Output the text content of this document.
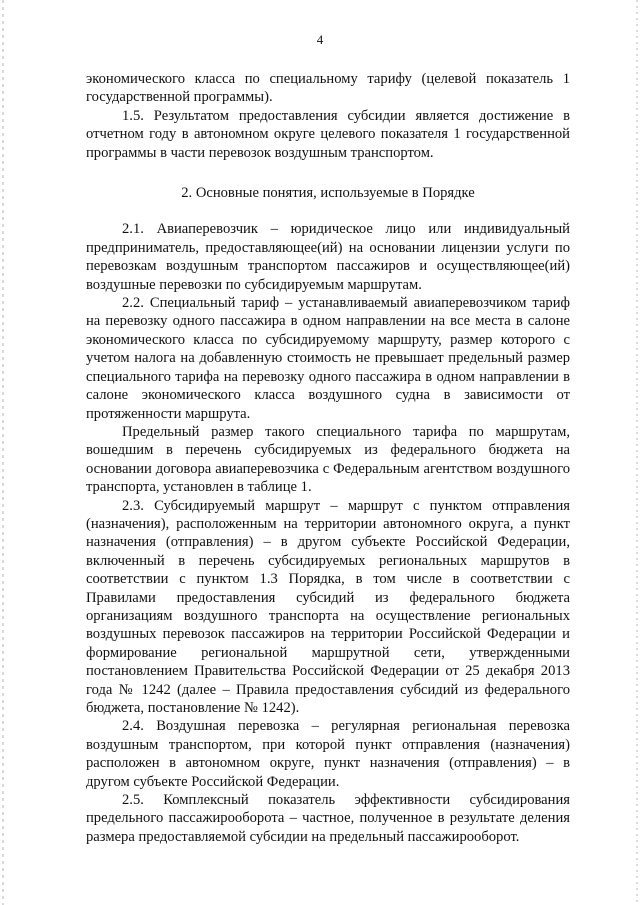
4

экономического класса по специальному тарифу (целевой показатель 1 государственной программы).

1.5. Результатом предоставления субсидии является достижение в отчетном году в автономном округе целевого показателя 1 государственной программы в части перевозок воздушным транспортом.

2. Основные понятия, используемые в Порядке

2.1. Авиаперевозчик – юридическое лицо или индивидуальный предприниматель, предоставляющее(ий) на основании лицензии услуги по перевозкам воздушным транспортом пассажиров и осуществляющее(ий) воздушные перевозки по субсидируемым маршрутам.

2.2. Специальный тариф – устанавливаемый авиаперевозчиком тариф на перевозку одного пассажира в одном направлении на все места в салоне экономического класса по субсидируемому маршруту, размер которого с учетом налога на добавленную стоимость не превышает предельный размер специального тарифа на перевозку одного пассажира в одном направлении в салоне экономического класса воздушного судна в зависимости от протяженности маршрута.

Предельный размер такого специального тарифа по маршрутам, вошедшим в перечень субсидируемых из федерального бюджета на основании договора авиаперевозчика с Федеральным агентством воздушного транспорта, установлен в таблице 1.

2.3. Субсидируемый маршрут – маршрут с пунктом отправления (назначения), расположенным на территории автономного округа, а пункт назначения (отправления) – в другом субъекте Российской Федерации, включенный в перечень субсидируемых региональных маршрутов в соответствии с пунктом 1.3 Порядка, в том числе в соответствии с Правилами предоставления субсидий из федерального бюджета организациям воздушного транспорта на осуществление региональных воздушных перевозок пассажиров на территории Российской Федерации и формирование региональной маршрутной сети, утвержденными постановлением Правительства Российской Федерации от 25 декабря 2013 года № 1242 (далее – Правила предоставления субсидий из федерального бюджета, постановление № 1242).

2.4. Воздушная перевозка – регулярная региональная перевозка воздушным транспортом, при которой пункт отправления (назначения) расположен в автономном округе, пункт назначения (отправления) – в другом субъекте Российской Федерации.

2.5. Комплексный показатель эффективности субсидирования предельного пассажирооборота – частное, полученное в результате деления размера предоставляемой субсидии на предельный пассажирооборот.
